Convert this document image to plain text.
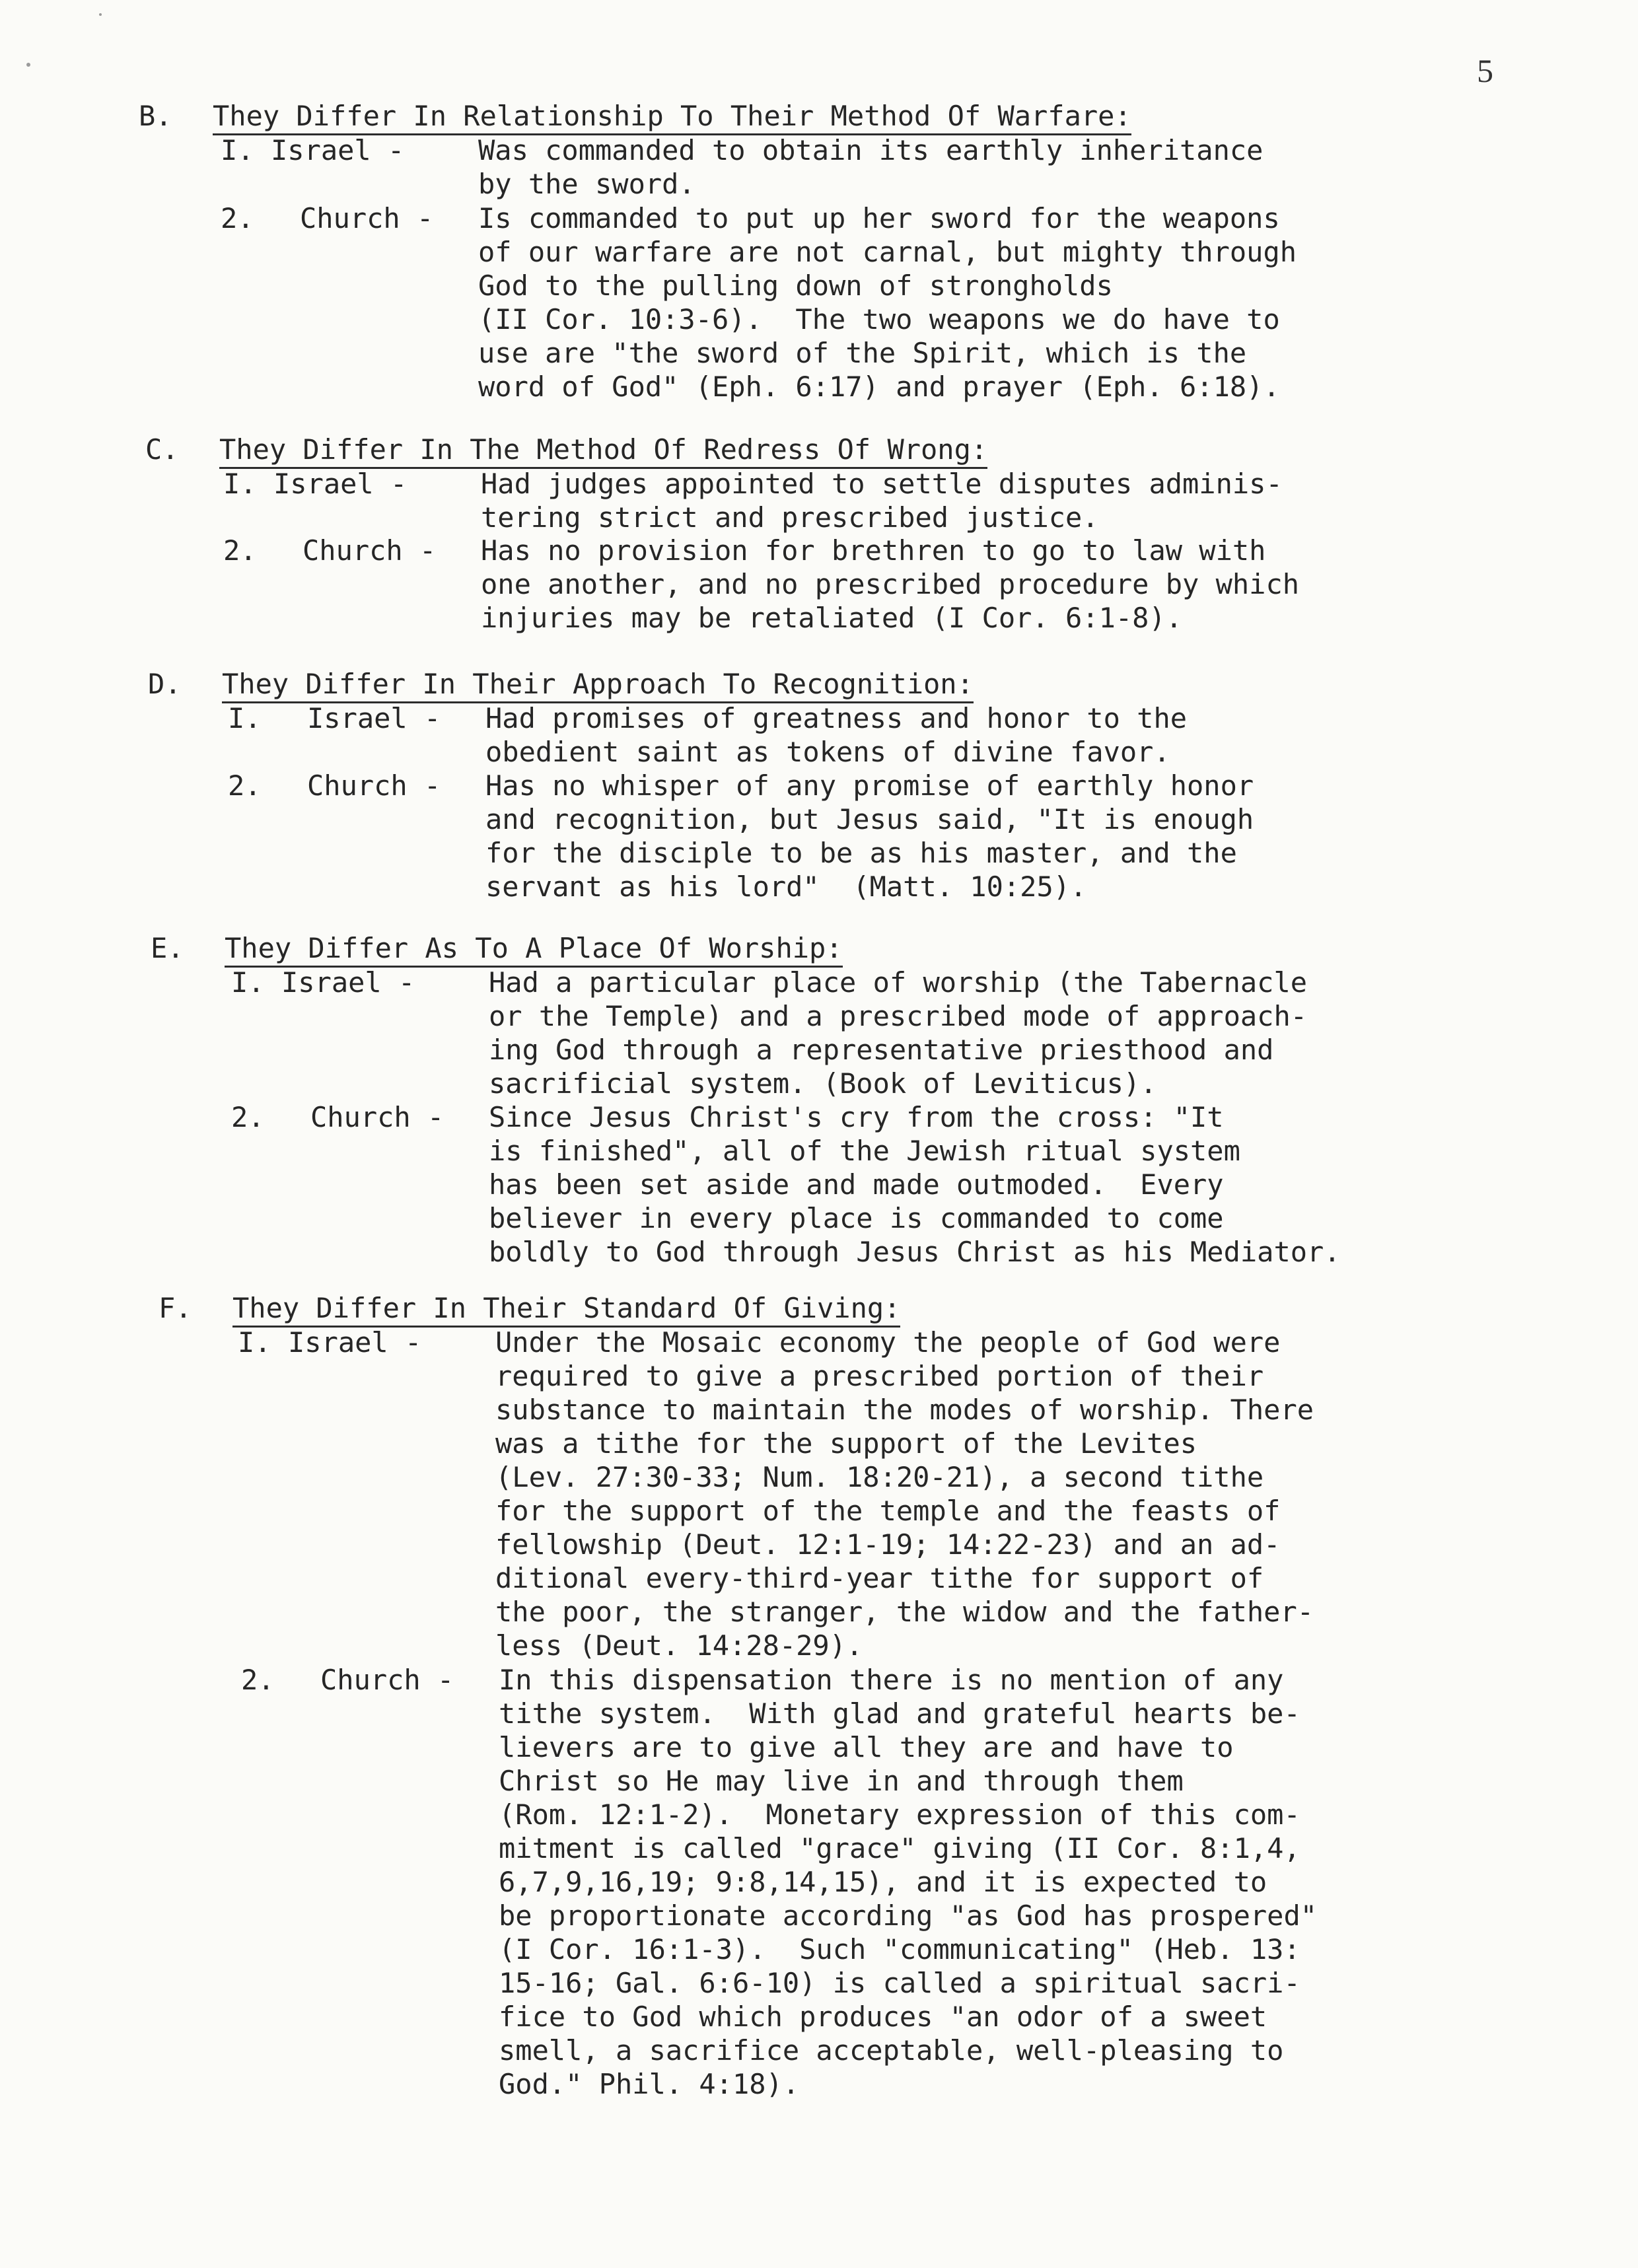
5
B. They Differ In Relationship To Their Method Of Warfare:
I. Israel -	Was commanded to obtain its earthly inheritance
by the sword.
2. Church - Is commanded to put up her sword for the weapons
of our warfare are not carnal, but mighty through
God to the pulling down of strongholds
(II Cor. 10:3-6).  The two weapons we do have to
use are "the sword of the Spirit, which is the
word of God" (Eph. 6:17) and prayer (Eph. 6:18).
C. They Differ In The Method Of Redress Of Wrong:
I. Israel -	Had judges appointed to settle disputes adminis-
tering strict and prescribed justice.
2. Church - Has no provision for brethren to go to law with
one another, and no prescribed procedure by which
injuries may be retaliated (I Cor. 6:1-8).
D. They Differ In Their Approach To Recognition:
I. Israel - Had promises of greatness and honor to the
obedient saint as tokens of divine favor.
2. Church - Has no whisper of any promise of earthly honor
and recognition, but Jesus said, "It is enough
for the disciple to be as his master, and the
servant as his lord"  (Matt. 10:25).
E. They Differ As To A Place Of Worship:
I. Israel -	Had a particular place of worship (the Tabernacle
or the Temple) and a prescribed mode of approach-
ing God through a representative priesthood and
sacrificial system. (Book of Leviticus).
2. Church - Since Jesus Christ's cry from the cross: "It
is finished", all of the Jewish ritual system
has been set aside and made outmoded.  Every
believer in every place is commanded to come
boldly to God through Jesus Christ as his Mediator.
F. They Differ In Their Standard Of Giving:
I. Israel -	Under the Mosaic economy the people of God were
required to give a prescribed portion of their
substance to maintain the modes of worship. There
was a tithe for the support of the Levites
(Lev. 27:30-33; Num. 18:20-21), a second tithe
for the support of the temple and the feasts of
fellowship (Deut. 12:1-19; 14:22-23) and an ad-
ditional every-third-year tithe for support of
the poor, the stranger, the widow and the father-
less (Deut. 14:28-29).
2. Church - In this dispensation there is no mention of any
tithe system.  With glad and grateful hearts be-
lievers are to give all they are and have to
Christ so He may live in and through them
(Rom. 12:1-2).  Monetary expression of this com-
mitment is called "grace" giving (II Cor. 8:1,4,
6,7,9,16,19; 9:8,14,15), and it is expected to
be proportionate according "as God has prospered"
(I Cor. 16:1-3).  Such "communicating" (Heb. 13:
15-16; Gal. 6:6-10) is called a spiritual sacri-
fice to God which produces "an odor of a sweet
smell, a sacrifice acceptable, well-pleasing to
God." Phil. 4:18).
